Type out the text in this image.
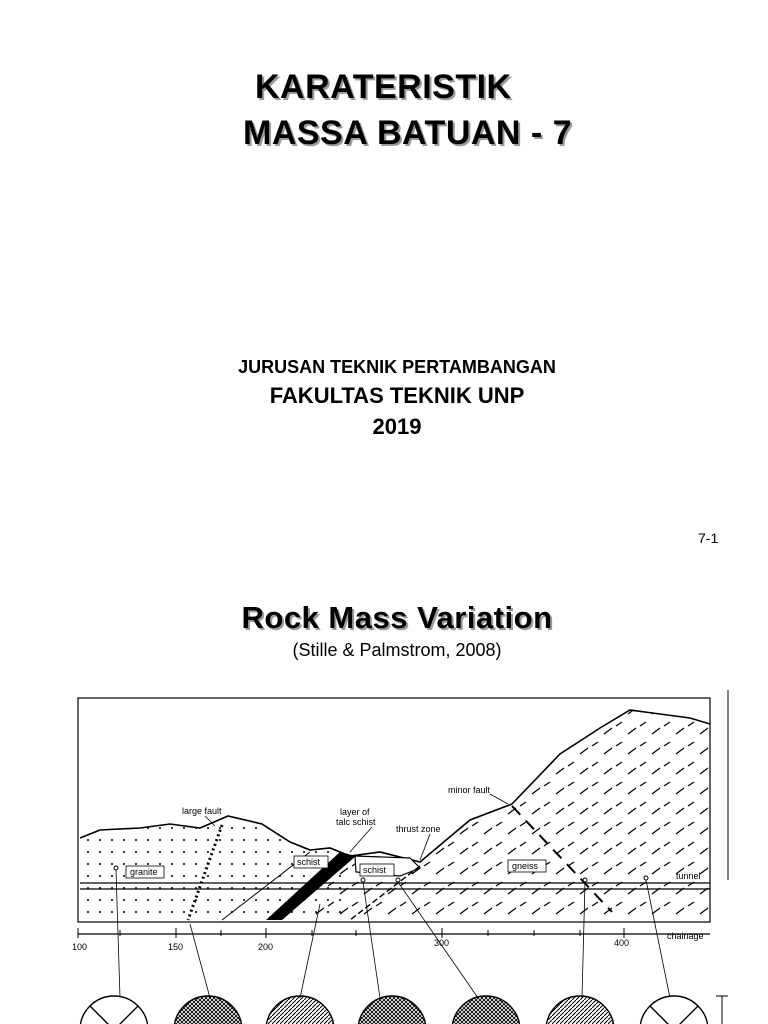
KARATERISTIK
MASSA BATUAN - 7
JURUSAN TEKNIK PERTAMBANGAN
FAKULTAS TEKNIK UNP
2019
7-1
Rock Mass Variation
(Stille & Palmstrom, 2008)
large fault	layer of
talc schist
thrust zone
minor fault
granite
schist
schist	gneiss
tunnel
100	150	200	300	400
chainage
